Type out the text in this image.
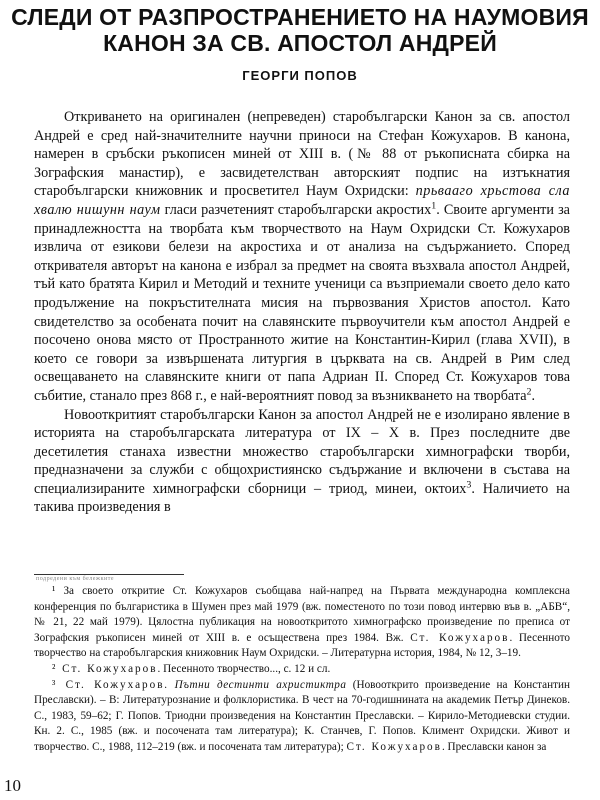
СЛЕДИ ОТ РАЗПРОСТРАНЕНИЕТО НА НАУМОВИЯ
КАНОН ЗА СВ. АПОСТОЛ АНДРЕЙ
ГЕОРГИ ПОПОВ

Откриването на оригинален (непреведен) старобългарски Канон за св. апостол Андрей е сред най-значителните научни приноси на Стефан Кожухаров. В канона, намерен в сръбски ръкописен миней от XIII в. (№ 88 от ръкописната сбирка на Зографския манастир), е засвидетелстван авторският подпис на изтъкнатия старобългарски книжовник и просветител Наум Охридски: прьвааго хрьстова сла хвалю нишунн наум гласи разчетеният старобългарски акростих$^1$. Своите аргументи за принадлежността на творбата към творчеството на Наум Охридски Ст. Кожухаров извлича от езикови белези на акростиха и от анализа на съдържанието. Според откривателя авторът на канона е избрал за предмет на своята възхвала апостол Андрей, тъй като братята Кирил и Методий и техните ученици са възприемали своето дело като продължение на покръстителната мисия на първозвания Христов апостол. Като свидетелство за особената почит на славянските първоучители към апостол Андрей е посочено онова място от Пространното житие на Константин-Кирил (глава XVII), в което се говори за извършената литургия в църквата на св. Андрей в Рим след освещаването на славянските книги от папа Адриан II. Според Ст. Кожухаров това събитие, станало през 868 г., е най-вероятният повод за възникването на творбата$^2$.

Новооткритият старобългарски Канон за апостол Андрей не е изолирано явление в историята на старобългарската литература от IX – X в. През последните две десетилетия станаха известни множество старобългарски химнографски творби, предназначени за служби с общохристиянско съдържание и включени в състава на специализираните химнографски сборници – триод, минеи, октоих$^3$. Наличието на такива произведения в

подредени към бележките

¹ За своето откритие Ст. Кожухаров съобщава най-напред на Първата международна комплексна конференция по българистика в Шумен през май 1979 (вж. поместеното по този повод интервю във в. „АБВ“, № 21, 22 май 1979). Цялостна публикация на новооткритото химнографско произведение по преписа от Зографския ръкописен миней от XIII в. е осъществена през 1984. Вж. Ст. Кожухаров. Песенното творчество на старобългарския книжовник Наум Охридски. – Литературна история, 1984, № 12, 3–19.

² Ст. Кожухаров. Песенното творчество..., с. 12 и сл.

³ Ст. Кожухаров. Пътни дестинти ахристиктрa (Новооткрито произведение на Константин Преславски). – В: Литературознание и фолклористика. В чест на 70-годишнината на академик Петър Динеков. С., 1983, 59–62; Г. Попов. Триодни произведения на Константин Преславски. – Кирило-Методиевски студии. Кн. 2. С., 1985 (вж. и посочената там литература); К. Станчев, Г. Попов. Климент Охридски. Живот и творчество. С., 1988, 112–219 (вж. и посочената там литература); Ст. Кожухаров. Преславски канон за

10
